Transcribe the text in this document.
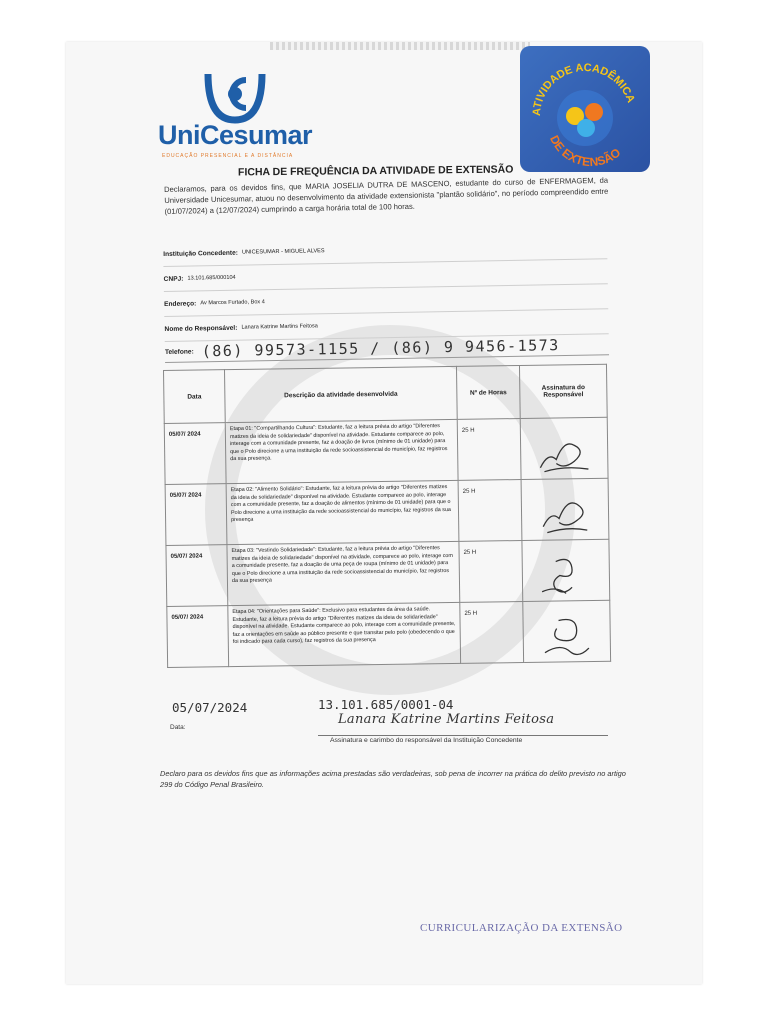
UniCesumar
EDUCAÇÃO PRESENCIAL E A DISTÂNCIA
ATIVIDADE ACADÊMICA
DE EXTENSÃO
FICHA DE FREQUÊNCIA DA ATIVIDADE DE EXTENSÃO
Declaramos, para os devidos fins, que MARIA JOSELIA DUTRA DE MASCENO, estudante do curso de ENFERMAGEM, da Universidade Unicesumar, atuou no desenvolvimento da atividade extensionista "plantão solidário", no período compreendido entre (01/07/2024) a (12/07/2024) cumprindo a carga horária total de 100 horas.
Instituição Concedente: UNICESUMAR - MIGUEL ALVES
CNPJ: 13.101.685/000104
Endereço: Av Marcos Furtado, Box 4
Nome do Responsável: Lanara Katrine Martins Feitosa
Telefone: (86) 99573-1155 / (86) 9 9456-1573
Data	Descrição da atividade desenvolvida	Nº de Horas	Assinatura do Responsável
05/07/ 2024	Etapa 01: "Compartilhando Cultura": Estudante, faz a leitura prévia do artigo "Diferentes matizes da ideia de solidariedade" disponível na atividade. Estudante comparece ao polo, interage com a comunidade presente, faz a doação de livros (mínimo de 01 unidade) para que o Polo direcione a uma instituição da rede socioassistencial do município, faz registros da sua presença.	25 H	

05/07/ 2024	Etapa 02: "Alimento Solidário": Estudante, faz a leitura prévia do artigo "Diferentes matizes da ideia de solidariedade" disponível na atividade. Estudante comparece ao polo, interage com a comunidade presente, faz a doação de alimentos (mínimo de 01 unidade) para que o Polo direcione a uma instituição da rede socioassistencial do município, faz registros da sua presença	25 H	

05/07/ 2024	Etapa 03: "Vestindo Solidariedade": Estudante, faz a leitura prévia do artigo "Diferentes matizes da ideia de solidariedade" disponível na atividade, comparece ao polo, interage com a comunidade presente, faz a doação de uma peça de roupa (mínimo de 01 unidade) para que o Polo direcione a uma instituição da rede socioassistencial do município, faz registros da sua presença	25 H	

05/07/ 2024	Etapa 04: "Orientações para Saúde": Exclusivo para estudantes da área da saúde. Estudante, faz a leitura prévia do artigo "Diferentes matizes da ideia de solidariedade" disponível na atividade. Estudante comparece ao polo, interage com a comunidade presente, faz a orientações em saúde ao público presente e que transitar pelo polo (obedecendo o que foi indicado para cada curso), faz registros da sua presença	25 H	
05/07/2024
Data:
13.101.685/0001-04
Lanara Katrine Martins Feitosa
Assinatura e carimbo do responsável da Instituição Concedente
Declaro para os devidos fins que as informações acima prestadas são verdadeiras, sob pena de incorrer na prática do delito previsto no artigo 299 do Código Penal Brasileiro.
CURRICULARIZAÇÃO DA EXTENSÃO
